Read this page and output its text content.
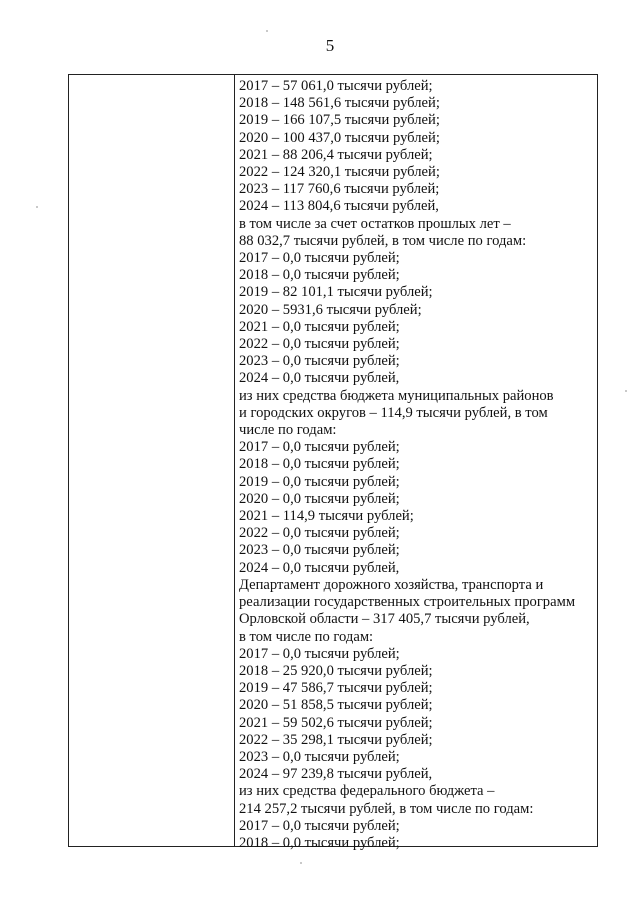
5
2017 – 57 061,0 тысячи рублей;
2018 – 148 561,6 тысячи рублей;
2019 – 166 107,5 тысячи рублей;
2020 – 100 437,0 тысячи рублей;
2021 – 88 206,4 тысячи рублей;
2022 – 124 320,1 тысячи рублей;
2023 – 117 760,6 тысячи рублей;
2024 – 113 804,6 тысячи рублей,
в том числе за счет остатков прошлых лет –
88 032,7 тысячи рублей, в том числе по годам:
2017 – 0,0 тысячи рублей;
2018 – 0,0 тысячи рублей;
2019 – 82 101,1 тысячи рублей;
2020 – 5931,6 тысячи рублей;
2021 – 0,0 тысячи рублей;
2022 – 0,0 тысячи рублей;
2023 – 0,0 тысячи рублей;
2024 – 0,0 тысячи рублей,
из них средства бюджета муниципальных районов
и городских округов – 114,9 тысячи рублей, в том
числе по годам:
2017 – 0,0 тысячи рублей;
2018 – 0,0 тысячи рублей;
2019 – 0,0 тысячи рублей;
2020 – 0,0 тысячи рублей;
2021 – 114,9 тысячи рублей;
2022 – 0,0 тысячи рублей;
2023 – 0,0 тысячи рублей;
2024 – 0,0 тысячи рублей,
Департамент дорожного хозяйства, транспорта и
реализации государственных строительных программ
Орловской области – 317 405,7 тысячи рублей,
в том числе по годам:
2017 – 0,0 тысячи рублей;
2018 – 25 920,0 тысячи рублей;
2019 – 47 586,7 тысячи рублей;
2020 – 51 858,5 тысячи рублей;
2021 – 59 502,6 тысячи рублей;
2022 – 35 298,1 тысячи рублей;
2023 – 0,0 тысячи рублей;
2024 – 97 239,8 тысячи рублей,
из них средства федерального бюджета –
214 257,2 тысячи рублей, в том числе по годам:
2017 – 0,0 тысячи рублей;
2018 – 0,0 тысячи рублей;
